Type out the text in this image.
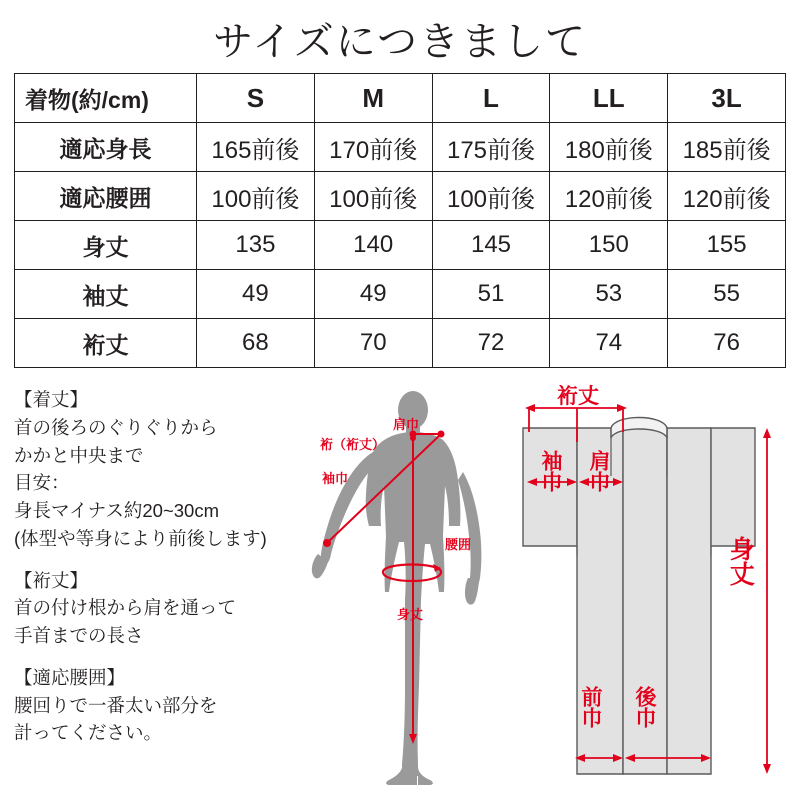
サイズにつきまして
着物(約/cm)	S	M	L	LL	3L
適応身長	165前後	170前後	175前後	180前後	185前後
適応腰囲	100前後	100前後	100前後	120前後	120前後
身丈	135	140	145	150	155
袖丈	49	49	51	53	55
裄丈	68	70	72	74	76

【着丈】

首の後ろのぐりぐりから

かかと中央まで

目安：

身長マイナス約20~30cm

(体型や等身により前後します)

【裄丈】

首の付け根から肩を通って

手首までの長さ

【適応腰囲】

腰回りで一番太い部分を

計ってください。

肩巾
裄（裄丈）
袖巾
腰囲
身丈
裄丈
袖巾 肩巾
身丈
前巾 後巾
